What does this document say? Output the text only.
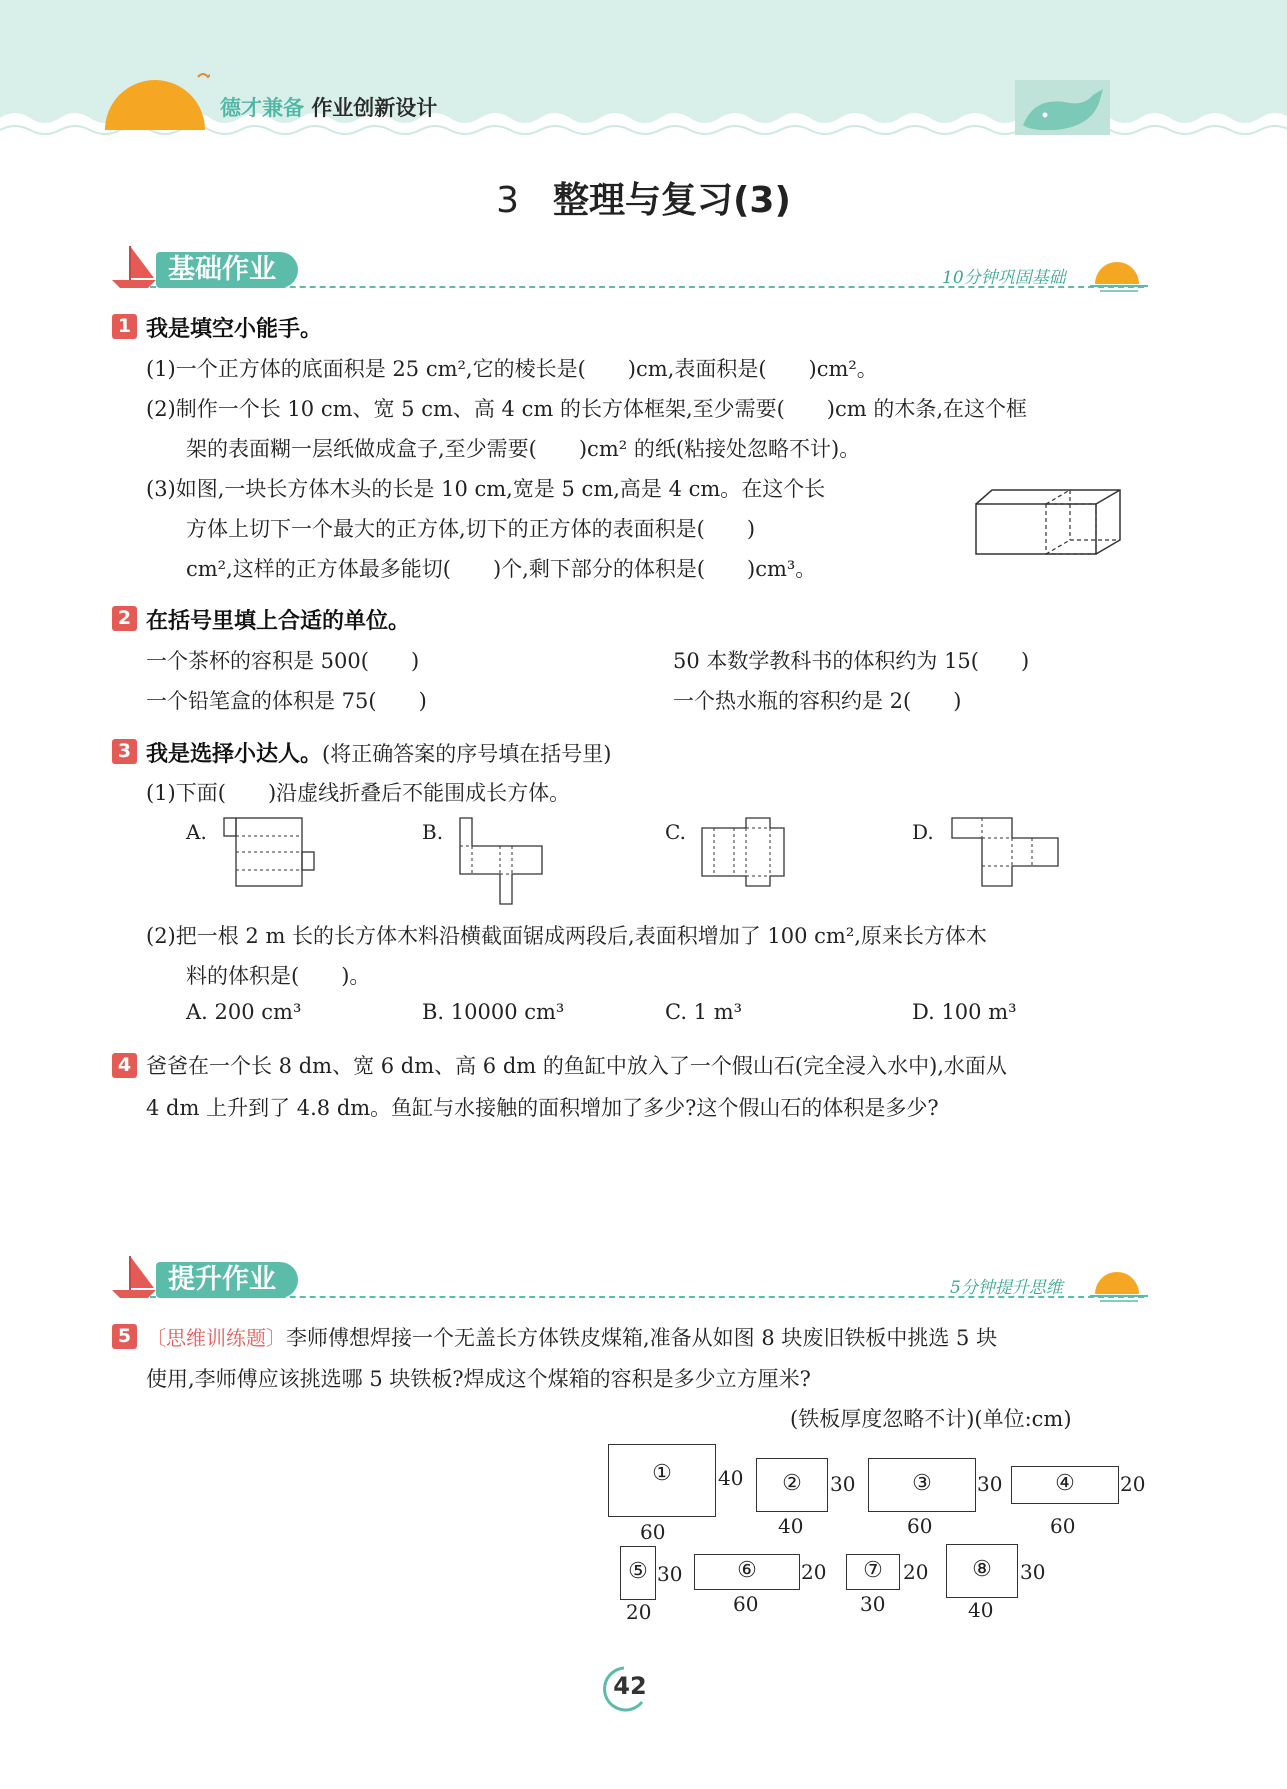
德才兼备 作业创新设计
3 整理与复习(3)
基础作业	10分钟巩固基础
1 我是填空小能手。
(1)一个正方体的底面积是 25 cm²,它的棱长是(　　)cm,表面积是(　　)cm²。
(2)制作一个长 10 cm、宽 5 cm、高 4 cm 的长方体框架,至少需要(　　)cm 的木条,在这个框
架的表面糊一层纸做成盒子,至少需要(　　)cm² 的纸(粘接处忽略不计)。
(3)如图,一块长方体木头的长是 10 cm,宽是 5 cm,高是 4 cm。在这个长
方体上切下一个最大的正方体,切下的正方体的表面积是(　　)
cm²,这样的正方体最多能切(　　)个,剩下部分的体积是(　　)cm³。
2 在括号里填上合适的单位。
一个茶杯的容积是 500(　　)	50 本数学教科书的体积约为 15(　　)
一个铅笔盒的体积是 75(　　)	一个热水瓶的容积约是 2(　　)
3 我是选择小达人。(将正确答案的序号填在括号里)
(1)下面(　　)沿虚线折叠后不能围成长方体。
A.	B.	C.	D.
(2)把一根 2 m 长的长方体木料沿横截面锯成两段后,表面积增加了 100 cm²,原来长方体木
料的体积是(　　)。
A. 200 cm³	B. 10000 cm³	C. 1 m³	D. 100 m³
4 爸爸在一个长 8 dm、宽 6 dm、高 6 dm 的鱼缸中放入了一个假山石(完全浸入水中),水面从
4 dm 上升到了 4.8 dm。鱼缸与水接触的面积增加了多少?这个假山石的体积是多少?
提升作业	5分钟提升思维
5 〔思维训练题〕李师傅想焊接一个无盖长方体铁皮煤箱,准备从如图 8 块废旧铁板中挑选 5 块
使用,李师傅应该挑选哪 5 块铁板?焊成这个煤箱的容积是多少立方厘米?
(铁板厚度忽略不计)(单位:cm)
①
60
40	②
40
30	③
60
30	④
60
20
⑤
20
30	⑥
60
20	⑦
30
20	⑧
40
30
42
